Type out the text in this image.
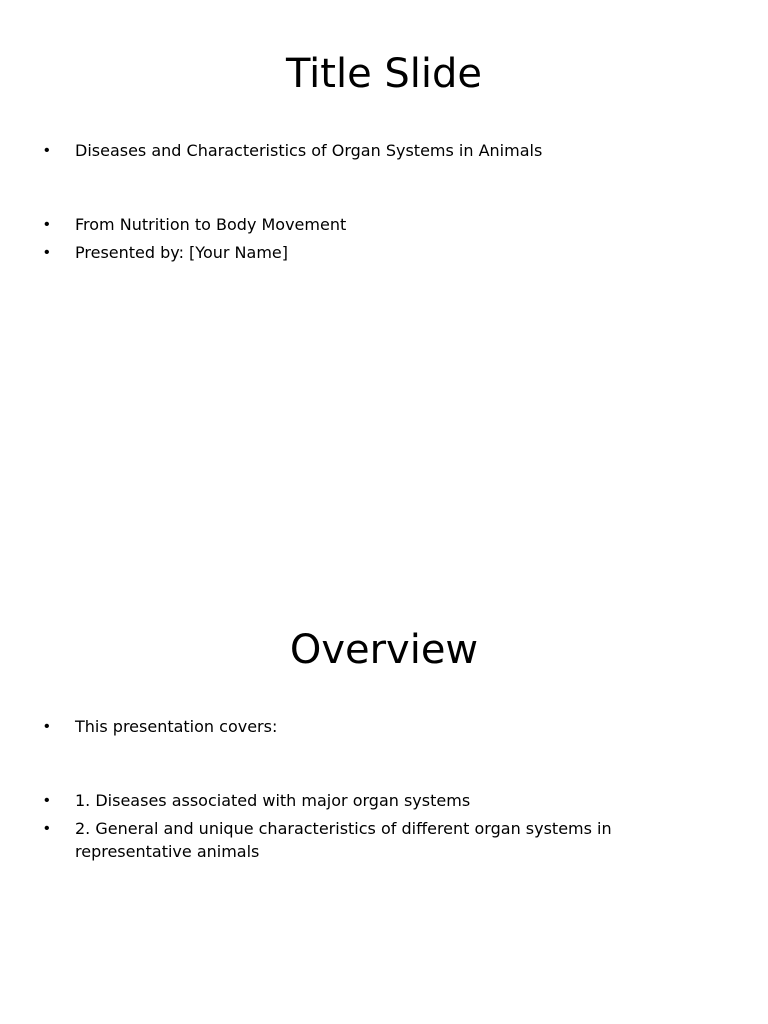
Title Slide
• Diseases and Characteristics of Organ Systems in Animals
• From Nutrition to Body Movement
• Presented by: [Your Name]
Overview
• This presentation covers:
• 1. Diseases associated with major organ systems
• 2. General and unique characteristics of different organ systems in representative animals
